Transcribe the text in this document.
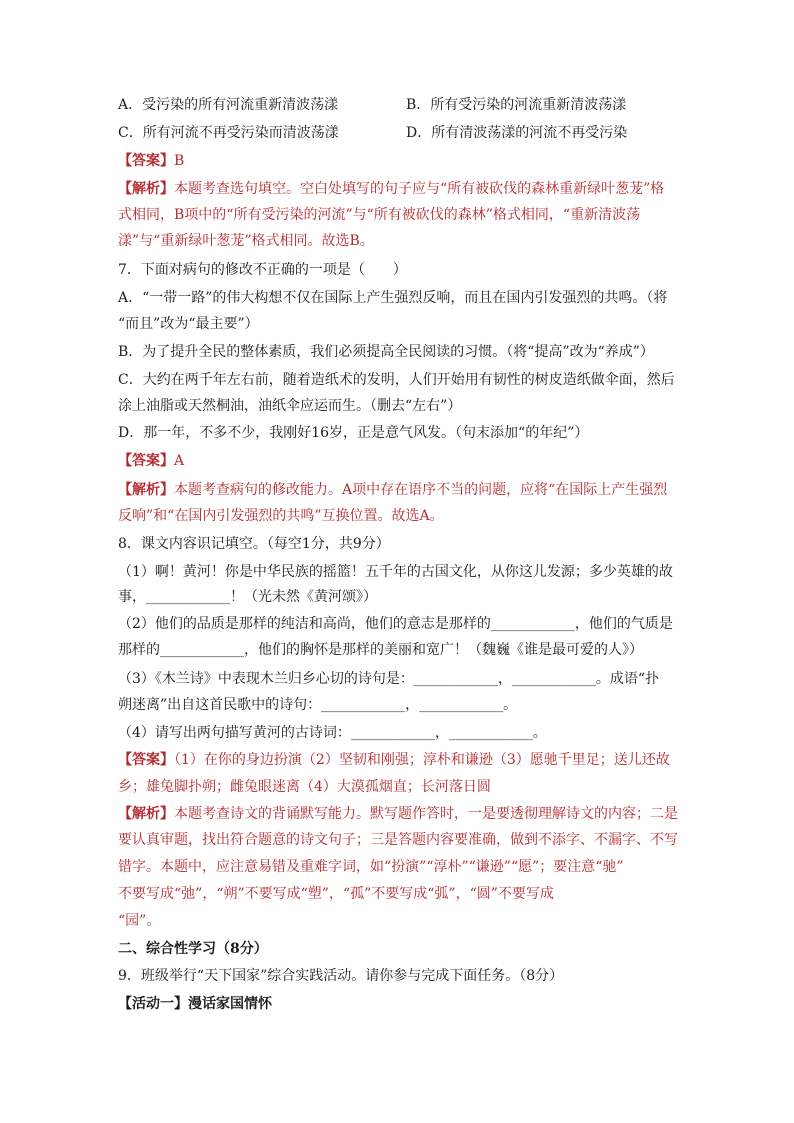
A．受污染的所有河流重新清波荡漾	B．所有受污染的河流重新清波荡漾
C．所有河流不再受污染而清波荡漾	D．所有清波荡漾的河流不再受污染
【答案】B
【解析】本题考查选句填空。空白处填写的句子应与“所有被砍伐的森林重新绿叶葱茏”格
式相同，B项中的“所有受污染的河流”与“所有被砍伐的森林”格式相同，“重新清波荡
漾”与“重新绿叶葱茏”格式相同。故选B。
7．下面对病句的修改不正确的一项是（　　）
A．“一带一路”的伟大构想不仅在国际上产生强烈反响，而且在国内引发强烈的共鸣。（将
“而且”改为“最主要”）
B．为了提升全民的整体素质，我们必须提高全民阅读的习惯。（将“提高”改为“养成”）
C．大约在两千年左右前，随着造纸术的发明，人们开始用有韧性的树皮造纸做伞面，然后
涂上油脂或天然桐油，油纸伞应运而生。（删去“左右”）
D．那一年，不多不少，我刚好16岁，正是意气风发。（句末添加“的年纪”）
【答案】A
【解析】本题考查病句的修改能力。A项中存在语序不当的问题，应将“在国际上产生强烈
反响”和“在国内引发强烈的共鸣”互换位置。故选A。
8．课文内容识记填空。（每空1分，共9分）
（1）啊！黄河！你是中华民族的摇篮！五千年的古国文化，从你这儿发源；多少英雄的故
事，____________！（光未然《黄河颂》）
（2）他们的品质是那样的纯洁和高尚，他们的意志是那样的____________，他们的气质是
那样的____________，他们的胸怀是那样的美丽和宽广！（魏巍《谁是最可爱的人》）
（3）《木兰诗》中表现木兰归乡心切的诗句是：____________，____________。成语“扑
朔迷离”出自这首民歌中的诗句：____________，____________。
（4）请写出两句描写黄河的古诗词：____________，____________。
【答案】（1）在你的身边扮演（2）坚韧和刚强；淳朴和谦逊（3）愿驰千里足；送儿还故
乡；雄兔脚扑朔；雌兔眼迷离（4）大漠孤烟直；长河落日圆
【解析】本题考查诗文的背诵默写能力。默写题作答时，一是要透彻理解诗文的内容；二是
要认真审题，找出符合题意的诗文句子；三是答题内容要准确，做到不添字、不漏字、不写
错字。本题中，应注意易错及重难字词，如“扮演”“淳朴”“谦逊”“愿”；要注意“驰”
不要写成“弛”，“朔”不要写成“塑”，“孤”不要写成“弧”，“圆”不要写成
“园”。
二、综合性学习（8分）
9．班级举行“天下国家”综合实践活动。请你参与完成下面任务。（8分）
【活动一】漫话家国情怀
